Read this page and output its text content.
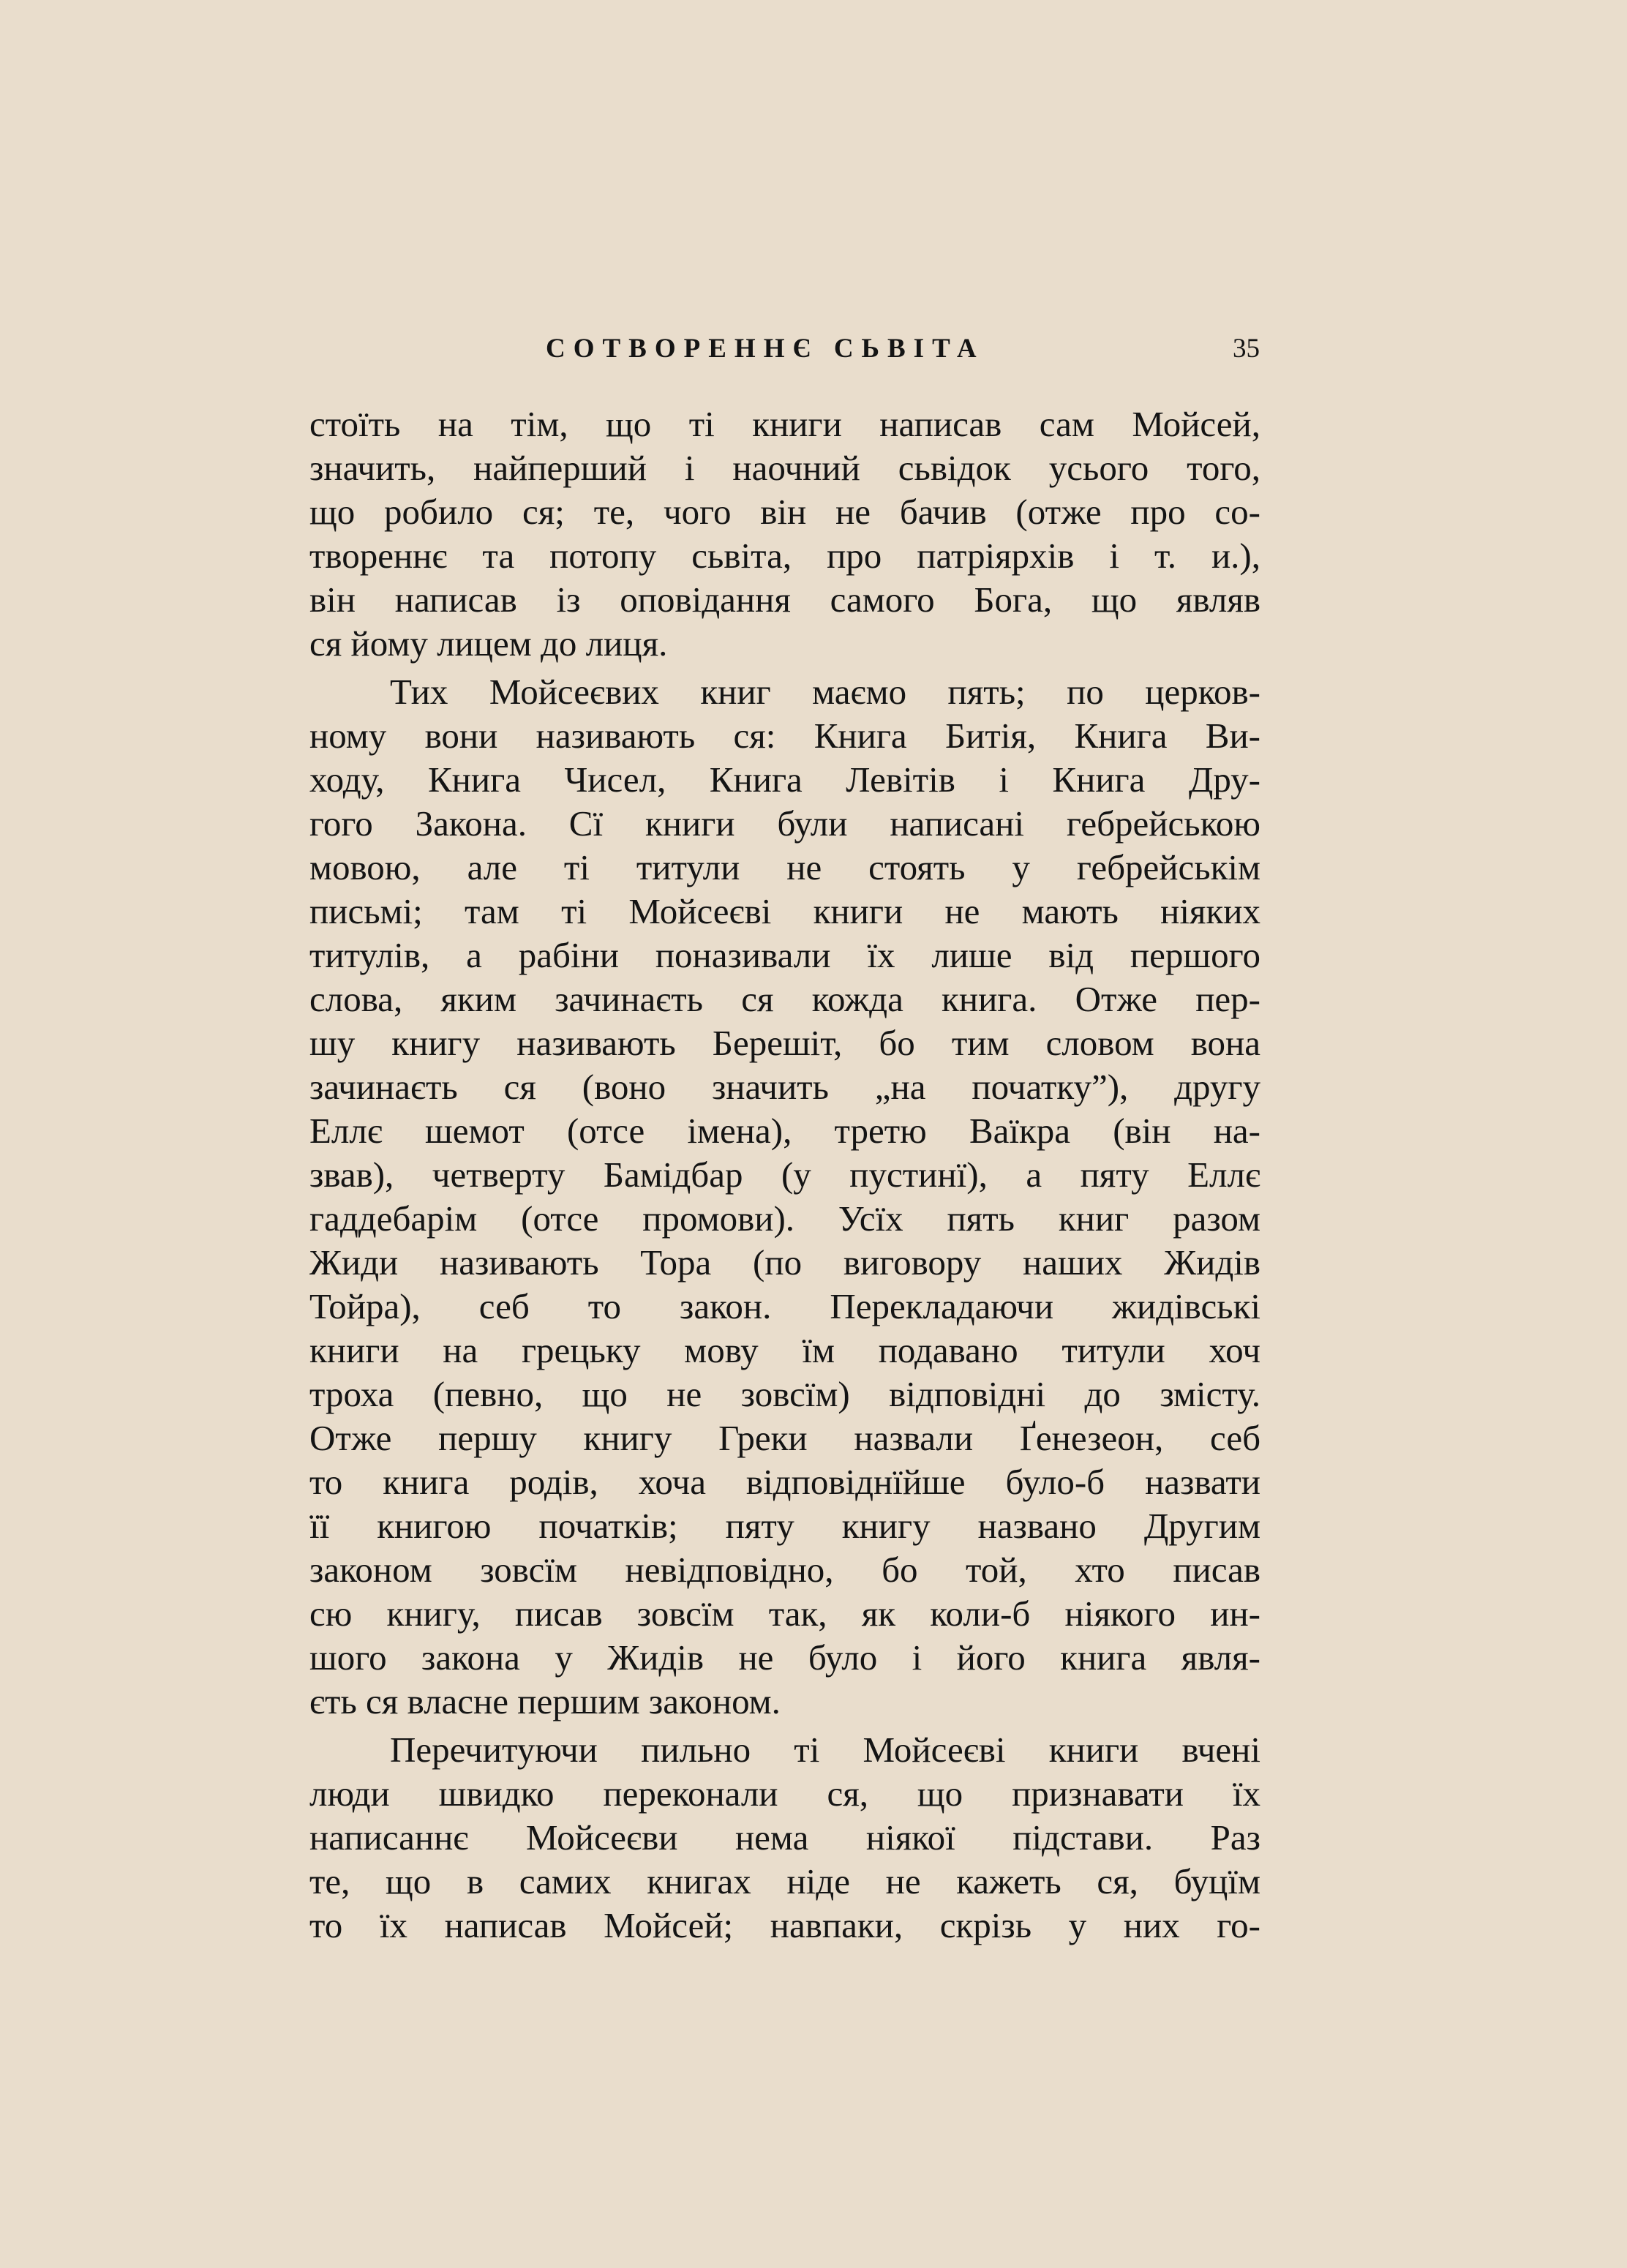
СОТВОРЕННЄ СЬВІТА	35
стоїть на тім, що ті книги написав сам Мойсей,
значить, найперший і наочний сьвідок усього того,
що робило ся; те, чого він не бачив (отже про со-
твореннє та потопу сьвіта, про патріярхів і т. и.),
він написав із оповідання самого Бога, що являв
ся йому лицем до лиця.
Тих Мойсеєвих книг маємо пять; по церков-
ному вони називають ся: Книга Битія, Книга Ви-
ходу, Книга Чисел, Книга Левітів і Книга Дру-
гого Закона. Сї книги були написані гебрейською
мовою, але ті титули не стоять у гебрейськім
письмі; там ті Мойсеєві книги не мають ніяких
титулів, а рабіни поназивали їх лише від першого
слова, яким зачинаєть ся кожда книга. Отже пер-
шу книгу називають Берешіт, бо тим словом вона
зачинаєть ся (воно значить „на початку”), другу
Еллє шемот (отсе імена), третю Ваїкра (він на-
звав), четверту Бамідбар (у пустинї), а пяту Еллє
гаддебарім (отсе промови). Усїх пять книг разом
Жиди називають Тора (по виговору наших Жидів
Тойра), себ то закон. Перекладаючи жидівські
книги на грецьку мову їм подавано титули хоч
троха (певно, що не зовсїм) відповідні до змісту.
Отже першу книгу Греки назвали Ґенезеон, себ
то книга родів, хоча відповіднїйше було-б назвати
її книгою початків; пяту книгу названо Другим
законом зовсїм невідповідно, бо той, хто писав
сю книгу, писав зовсїм так, як коли-б ніякого ин-
шого закона у Жидів не було і його книга явля-
єть ся власне першим законом.
Перечитуючи пильно ті Мойсеєві книги вчені
люди швидко переконали ся, що признавати їх
написаннє Мойсеєви нема ніякої підстави. Раз
те, що в самих книгах ніде не кажеть ся, буцїм
то їх написав Мойсей; навпаки, скрізь у них го-
